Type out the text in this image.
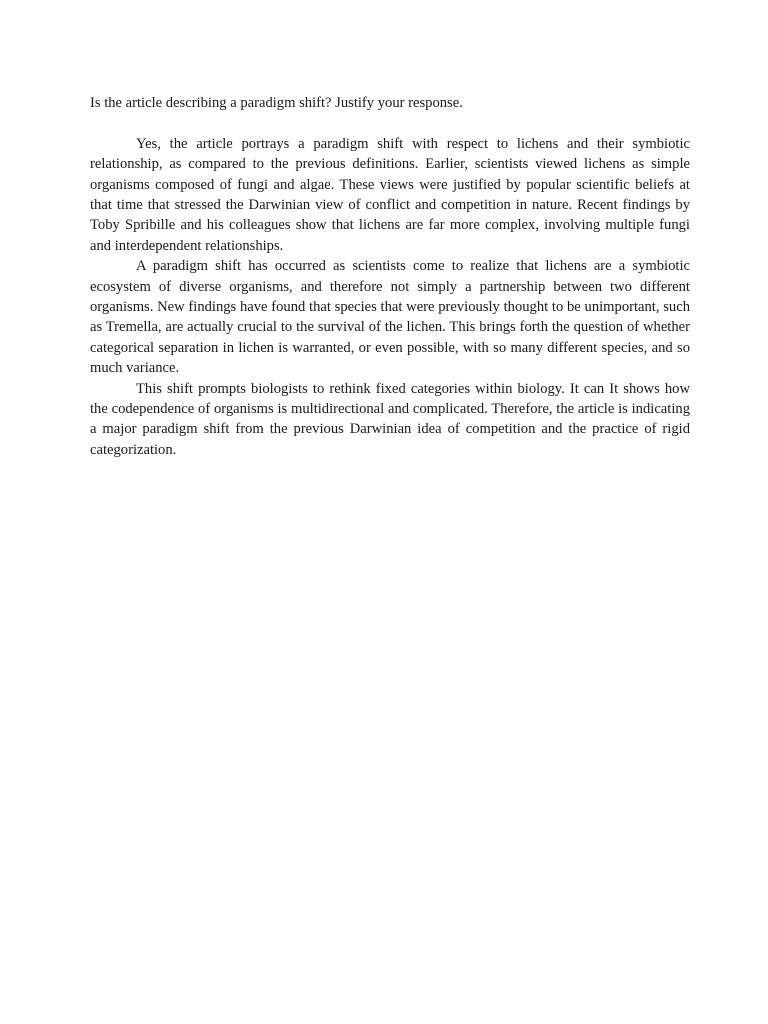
Is the article describing a paradigm shift? Justify your response.

Yes, the article portrays a paradigm shift with respect to lichens and their symbiotic relationship, as compared to the previous definitions. Earlier, scientists viewed lichens as simple organisms composed of fungi and algae. These views were justified by popular scientific beliefs at that time that stressed the Darwinian view of conflict and competition in nature. Recent findings by Toby Spribille and his colleagues show that lichens are far more complex, involving multiple fungi and interdependent relationships.

A paradigm shift has occurred as scientists come to realize that lichens are a symbiotic ecosystem of diverse organisms, and therefore not simply a partnership between two different organisms. New findings have found that species that were previously thought to be unimportant, such as Tremella, are actually crucial to the survival of the lichen. This brings forth the question of whether categorical separation in lichen is warranted, or even possible, with so many different species, and so much variance.

This shift prompts biologists to rethink fixed categories within biology. It can It shows how the codependence of organisms is multidirectional and complicated. Therefore, the article is indicating a major paradigm shift from the previous Darwinian idea of competition and the practice of rigid categorization.
